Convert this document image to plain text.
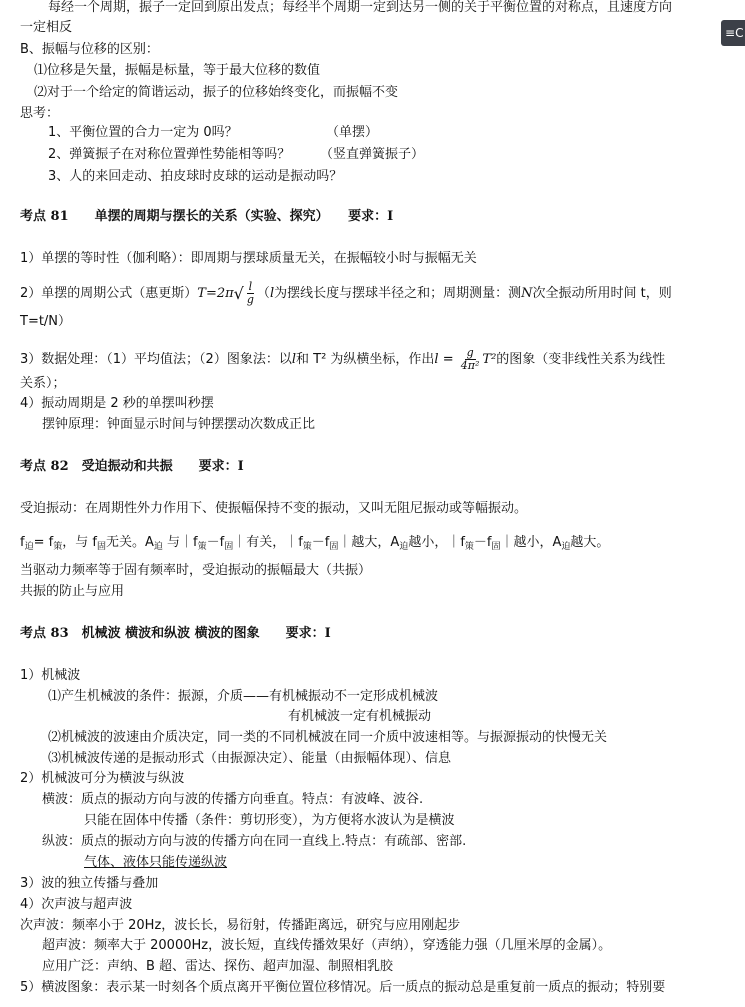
每经一个周期，振子一定回到原出发点；每经半个周期一定到达另一侧的关于平衡位置的对称点，且速度方向
一定相反
B、振幅与位移的区别：
⑴位移是矢量，振幅是标量，等于最大位移的数值
⑵对于一个给定的简谐运动，振子的位移始终变化，而振幅不变
思考：
1、平衡位置的合力一定为 0吗？	（单摆）
2、弹簧振子在对称位置弹性势能相等吗？ （竖直弹簧振子）
3、人的来回走动、拍皮球时皮球的运动是振动吗？
考点 81　　单摆的周期与摆长的关系（实验、探究）　　要求：Ⅰ
1）单摆的等时性（伽利略）：即周期与摆球质量无关，在振幅较小时与振幅无关
2）单摆的周期公式（惠更斯）$T=2\pi√ \frac{l}{g} (l$为摆线长度与摆球半径之和；周期测量：测N次全振动所用时间 t，则
T=t/N）
3）数据处理：（1）平均值法；（2）图象法：以l和 T² 为纵横坐标，作出$l = \frac{g}{\text{4π²}} T^2$的图象（变非线性关系为线性
关系）；
4）振动周期是 2 秒的单摆叫秒摆
摆钟原理：钟面显示时间与钟摆摆动次数成正比
考点 82　受迫振动和共振　　要求：Ⅰ
受迫振动：在周期性外力作用下、使振幅保持不变的振动，又叫无阻尼振动或等幅振动。
$f_迫= f_策$，与 $f_固$无关。$A_迫$ 与$|f_策-f_固|$有关，$|f_策-f_固|$越大，$A_迫$越小，$|f_策-f_固|$越小，$A_迫$越大。
当驱动力频率等于固有频率时，受迫振动的振幅最大（共振）
共振的防止与应用
考点 83　机械波 横波和纵波 横波的图象　　要求：Ⅰ
1）机械波
⑴产生机械波的条件：振源，介质——有机械振动不一定形成机械波
有机械波一定有机械振动
⑵机械波的波速由介质决定，同一类的不同机械波在同一介质中波速相等。与振源振动的快慢无关
⑶机械波传递的是振动形式（由振源决定）、能量（由振幅体现）、信息
2）机械波可分为横波与纵波
横波：质点的振动方向与波的传播方向垂直。特点：有波峰、波谷.
只能在固体中传播（条件：剪切形变），为方便将水波认为是横波
纵波：质点的振动方向与波的传播方向在同一直线上.特点：有疏部、密部.
气体、液体只能传递纵波
3）波的独立传播与叠加
4）次声波与超声波
次声波：频率小于 20Hz，波长长，易衍射，传播距离远，研究与应用刚起步
超声波：频率大于 20000Hz，波长短，直线传播效果好（声纳），穿透能力强（几厘米厚的金属）。
应用广泛：声纳、B 超、雷达、探伤、超声加湿、制照相乳胶
5）横波图象：表示某一时刻各个质点离开平衡位置位移情况。后一质点的振动总是重复前一质点的振动；特别要
≡C
